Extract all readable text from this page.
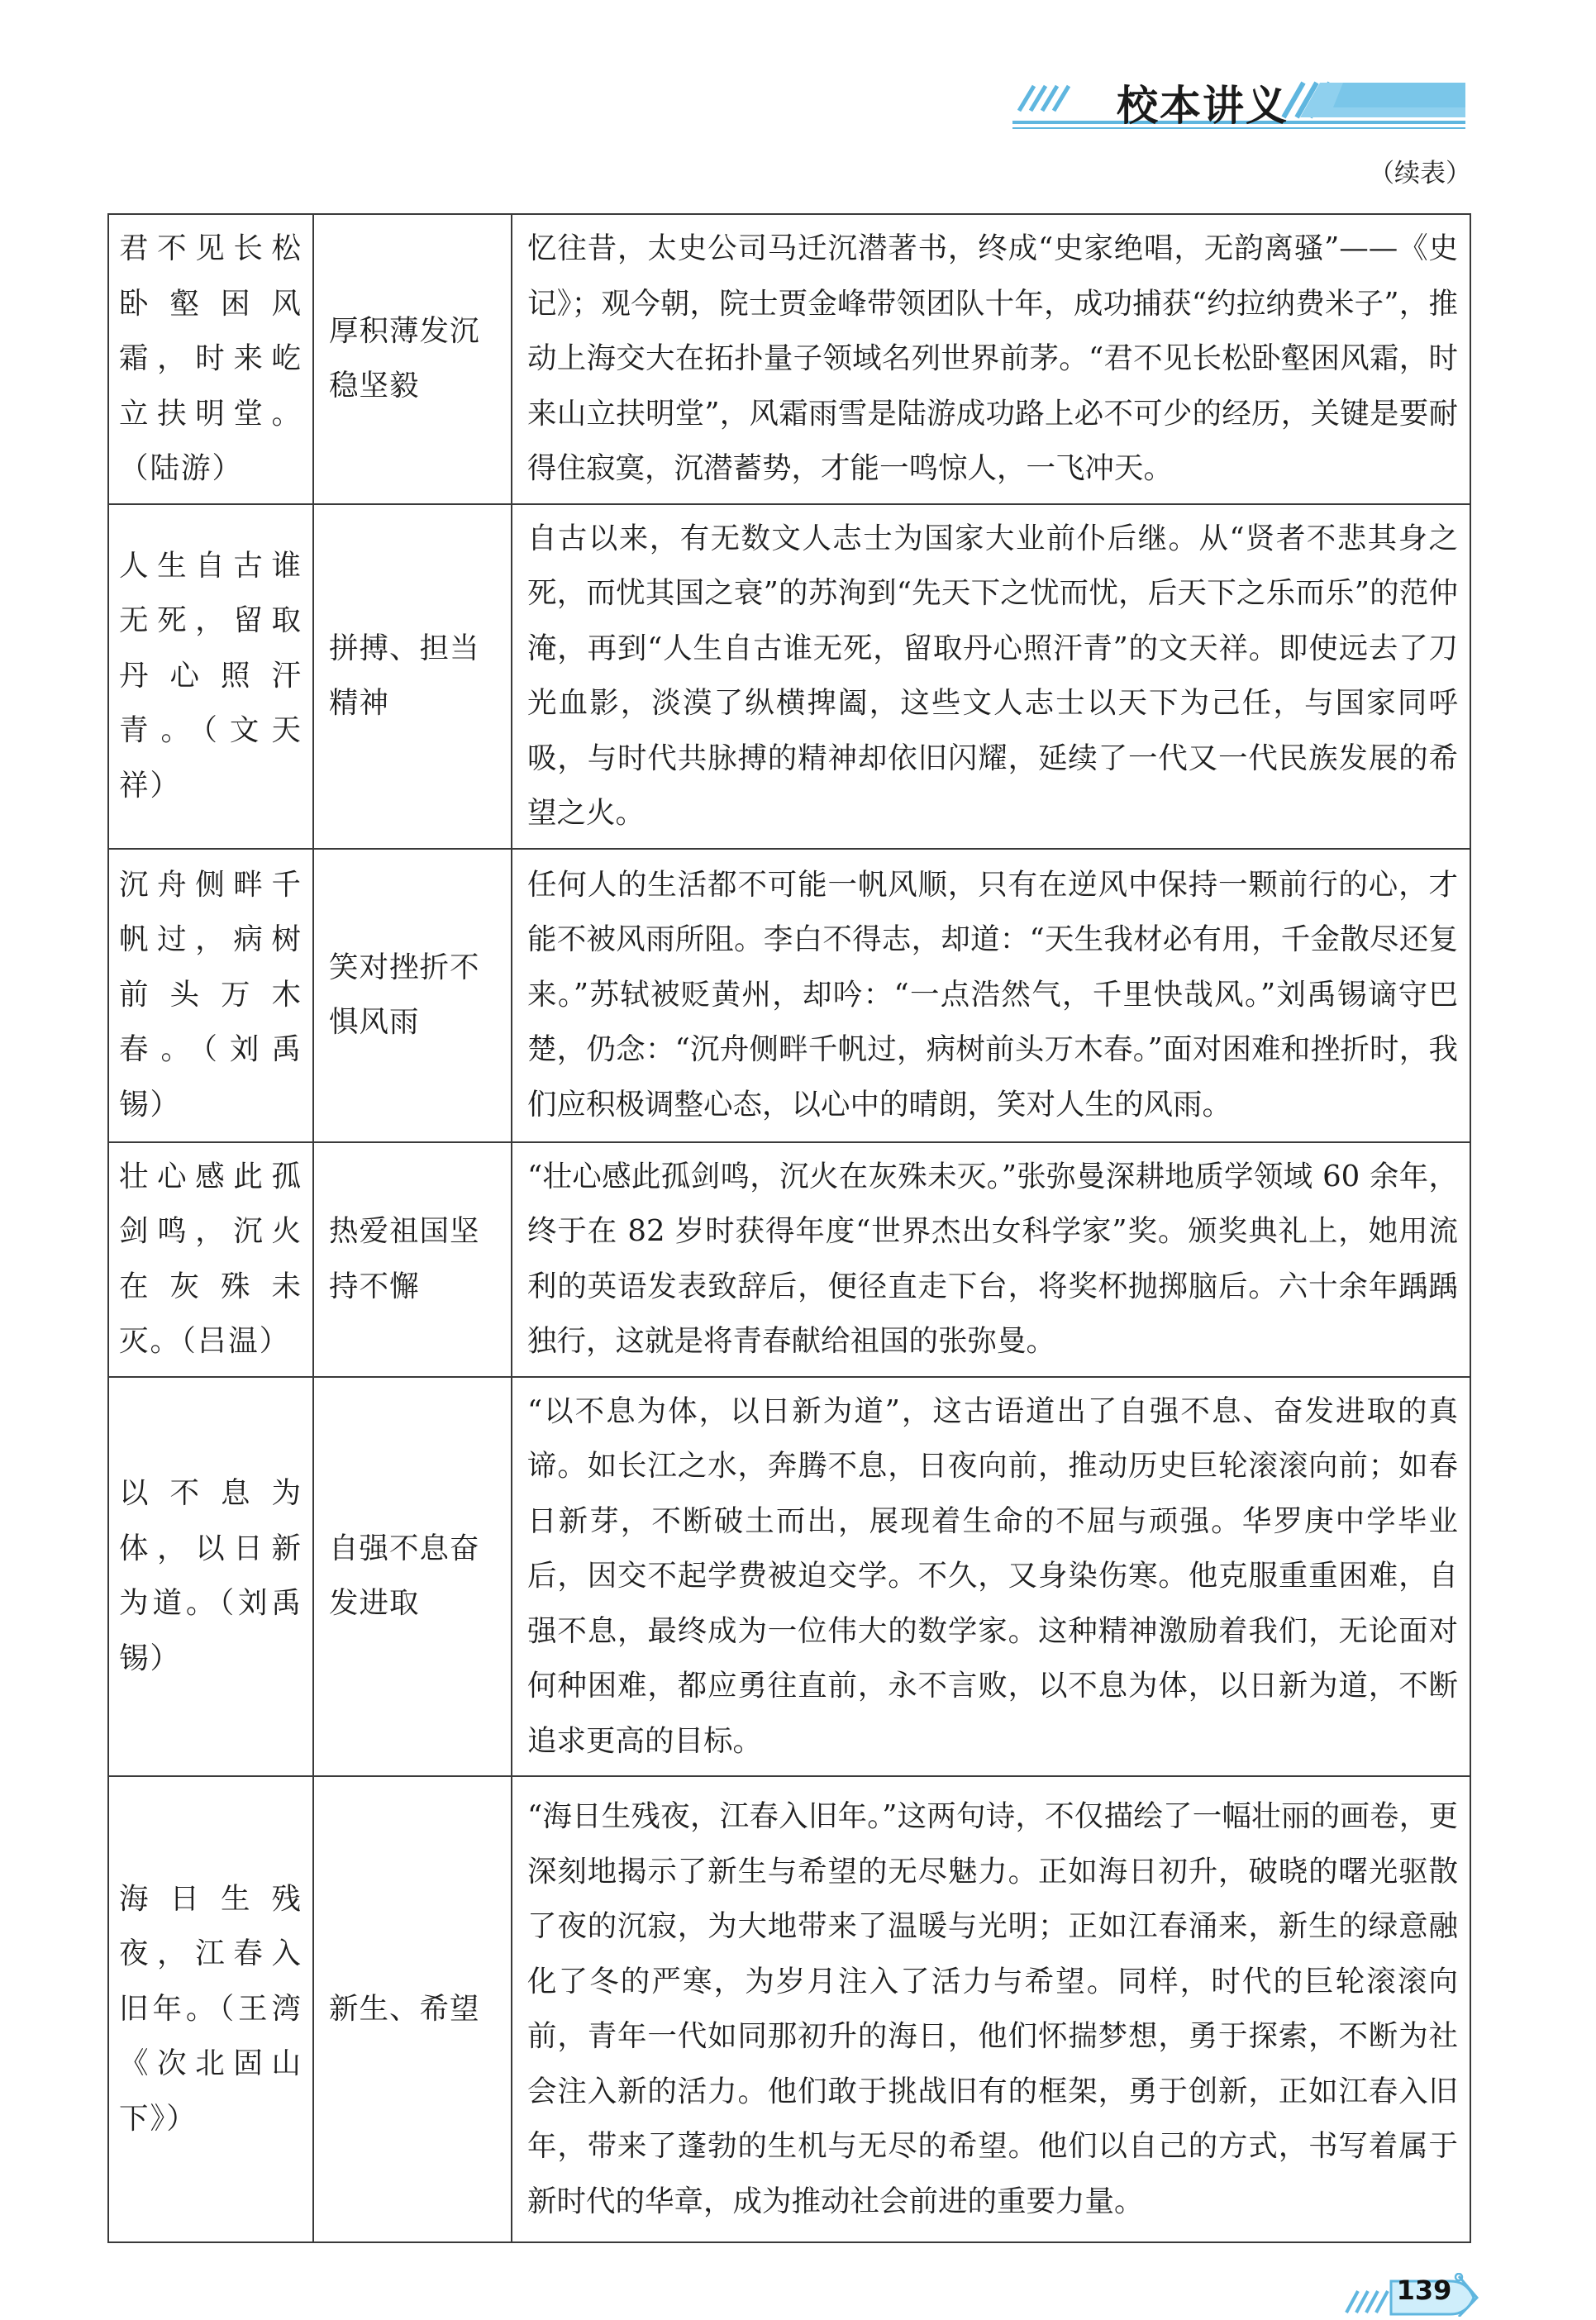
校本讲义
（续表）
君不见长松卧壑困风霜，时来屹立扶明堂。（陆游）	厚积薄发沉稳坚毅	忆往昔，太史公司马迁沉潜著书，终成“史家绝唱，无韵离骚”——《史记》；观今朝，院士贾金峰带领团队十年，成功捕获“约拉纳费米子”，推动上海交大在拓扑量子领域名列世界前茅。“君不见长松卧壑困风霜，时来山立扶明堂”，风霜雨雪是陆游成功路上必不可少的经历，关键是要耐得住寂寞，沉潜蓄势，才能一鸣惊人，一飞冲天。
人生自古谁无死，留取丹心照汗青。（文天祥）	拼搏、担当精神	自古以来，有无数文人志士为国家大业前仆后继。从“贤者不悲其身之死，而忧其国之衰”的苏洵到“先天下之忧而忧，后天下之乐而乐”的范仲淹，再到“人生自古谁无死，留取丹心照汗青”的文天祥。即使远去了刀光血影，淡漠了纵横捭阖，这些文人志士以天下为己任，与国家同呼吸，与时代共脉搏的精神却依旧闪耀，延续了一代又一代民族发展的希望之火。
沉舟侧畔千帆过，病树前头万木春。（刘禹锡）	笑对挫折不惧风雨	任何人的生活都不可能一帆风顺，只有在逆风中保持一颗前行的心，才能不被风雨所阻。李白不得志，却道：“天生我材必有用，千金散尽还复来。”苏轼被贬黄州，却吟：“一点浩然气，千里快哉风。”刘禹锡谪守巴楚，仍念：“沉舟侧畔千帆过，病树前头万木春。”面对困难和挫折时，我们应积极调整心态，以心中的晴朗，笑对人生的风雨。
壮心感此孤剑鸣，沉火在灰殊未灭。（吕温）	热爱祖国坚持不懈	“壮心感此孤剑鸣，沉火在灰殊未灭。”张弥曼深耕地质学领域 60 余年，终于在 82 岁时获得年度“世界杰出女科学家”奖。颁奖典礼上，她用流利的英语发表致辞后，便径直走下台，将奖杯抛掷脑后。六十余年踽踽独行，这就是将青春献给祖国的张弥曼。
以不息为体，以日新为道。（刘禹锡）	自强不息奋发进取	“以不息为体，以日新为道”，这古语道出了自强不息、奋发进取的真谛。如长江之水，奔腾不息，日夜向前，推动历史巨轮滚滚向前；如春日新芽，不断破土而出，展现着生命的不屈与顽强。华罗庚中学毕业后，因交不起学费被迫交学。不久，又身染伤寒。他克服重重困难，自强不息，最终成为一位伟大的数学家。这种精神激励着我们，无论面对何种困难，都应勇往直前，永不言败，以不息为体，以日新为道，不断追求更高的目标。
海日生残夜，江春入旧年。（王湾《次北固山下》）	新生、希望	“海日生残夜，江春入旧年。”这两句诗，不仅描绘了一幅壮丽的画卷，更深刻地揭示了新生与希望的无尽魅力。正如海日初升，破晓的曙光驱散了夜的沉寂，为大地带来了温暖与光明；正如江春涌来，新生的绿意融化了冬的严寒，为岁月注入了活力与希望。同样，时代的巨轮滚滚向前，青年一代如同那初升的海日，他们怀揣梦想，勇于探索，不断为社会注入新的活力。他们敢于挑战旧有的框架，勇于创新，正如江春入旧年，带来了蓬勃的生机与无尽的希望。他们以自己的方式，书写着属于新时代的华章，成为推动社会前进的重要力量。
139
